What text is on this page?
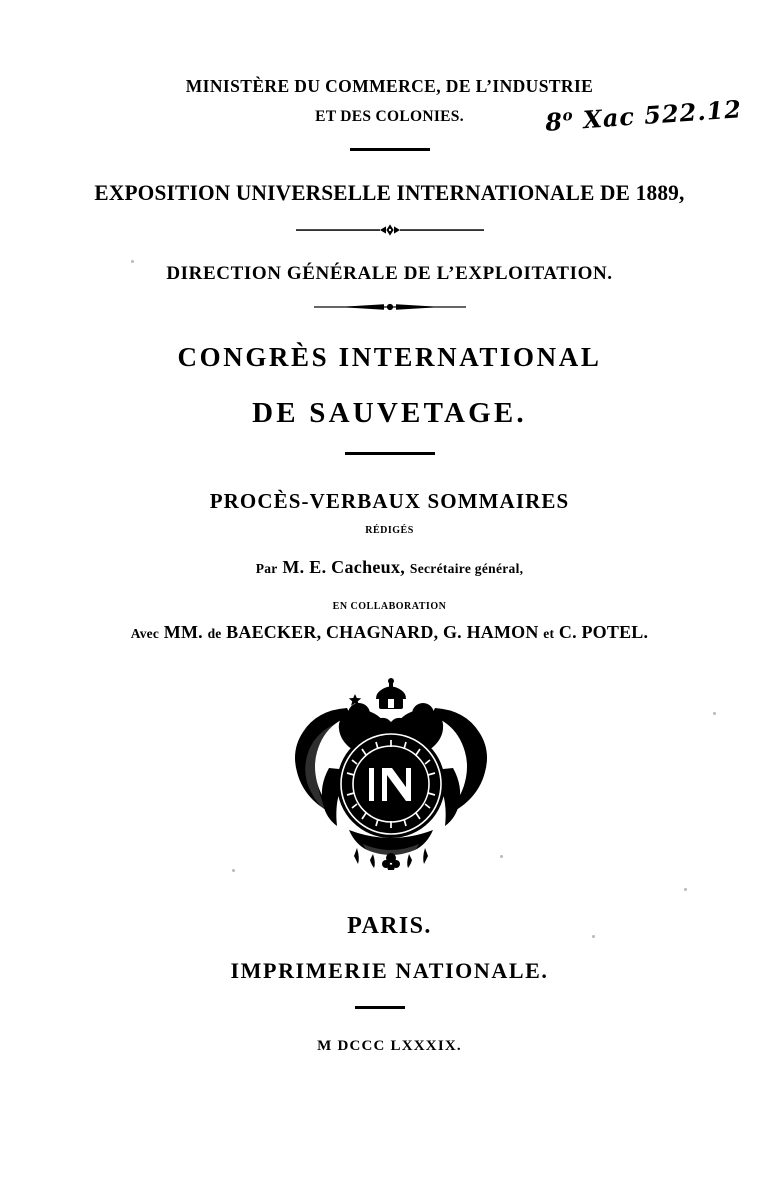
MINISTÈRE DU COMMERCE, DE L’INDUSTRIE
ET DES COLONIES.	8$^o$ Xac 522.12
EXPOSITION UNIVERSELLE INTERNATIONALE DE 1889,
DIRECTION GÉNÉRALE DE L’EXPLOITATION.
CONGRÈS INTERNATIONAL
DE SAUVETAGE.
PROCÈS-VERBAUX SOMMAIRES
RÉDIGÉS
Par M. E. Cacheux, Secrétaire général,
EN COLLABORATION
Avec MM. de BAECKER, CHAGNARD, G. HAMON et C. POTEL.
PARIS.
IMPRIMERIE NATIONALE.
M DCCC LXXXIX.
